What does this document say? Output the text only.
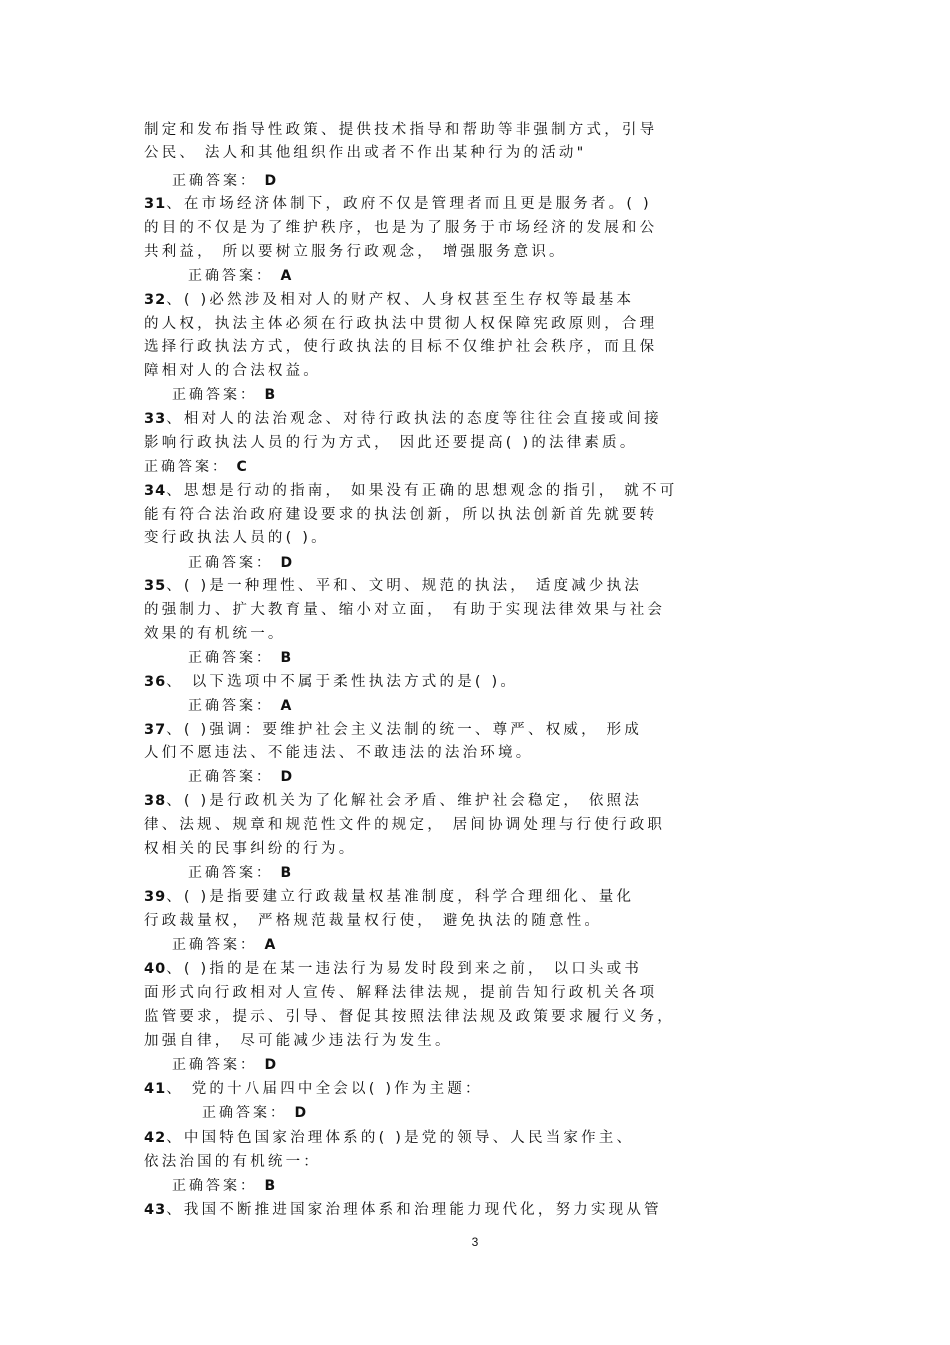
制定和发布指导性政策、提供技术指导和帮助等非强制方式，引导
公民、 法人和其他组织作出或者不作出某种行为的活动"
正确答案： D
31、在市场经济体制下，政府不仅是管理者而且更是服务者。( )
的目的不仅是为了维护秩序，也是为了服务于市场经济的发展和公
共利益， 所以要树立服务行政观念， 增强服务意识。
正确答案： A
32、( )必然涉及相对人的财产权、人身权甚至生存权等最基本
的人权，执法主体必须在行政执法中贯彻人权保障宪政原则，合理
选择行政执法方式，使行政执法的目标不仅维护社会秩序，而且保
障相对人的合法权益。
正确答案： B
33、相对人的法治观念、对待行政执法的态度等往往会直接或间接
影响行政执法人员的行为方式， 因此还要提高( )的法律素质。
正确答案： C
34、思想是行动的指南， 如果没有正确的思想观念的指引， 就不可
能有符合法治政府建设要求的执法创新，所以执法创新首先就要转
变行政执法人员的( )。
正确答案： D
35、( )是一种理性、平和、文明、规范的执法， 适度减少执法
的强制力、扩大教育量、缩小对立面， 有助于实现法律效果与社会
效果的有机统一。
正确答案： B
36、 以下选项中不属于柔性执法方式的是( )。
正确答案： A
37、( )强调：要维护社会主义法制的统一、尊严、权威， 形成
人们不愿违法、不能违法、不敢违法的法治环境。
正确答案： D
38、( )是行政机关为了化解社会矛盾、维护社会稳定， 依照法
律、法规、规章和规范性文件的规定， 居间协调处理与行使行政职
权相关的民事纠纷的行为。
正确答案： B
39、( )是指要建立行政裁量权基准制度，科学合理细化、量化
行政裁量权， 严格规范裁量权行使， 避免执法的随意性。
正确答案： A
40、( )指的是在某一违法行为易发时段到来之前， 以口头或书
面形式向行政相对人宣传、解释法律法规，提前告知行政机关各项
监管要求，提示、引导、督促其按照法律法规及政策要求履行义务，
加强自律， 尽可能减少违法行为发生。
正确答案： D
41、 党的十八届四中全会以( )作为主题：
正确答案： D
42、中国特色国家治理体系的( )是党的领导、人民当家作主、
依法治国的有机统一：
正确答案： B
43、我国不断推进国家治理体系和治理能力现代化，努力实现从管
3
